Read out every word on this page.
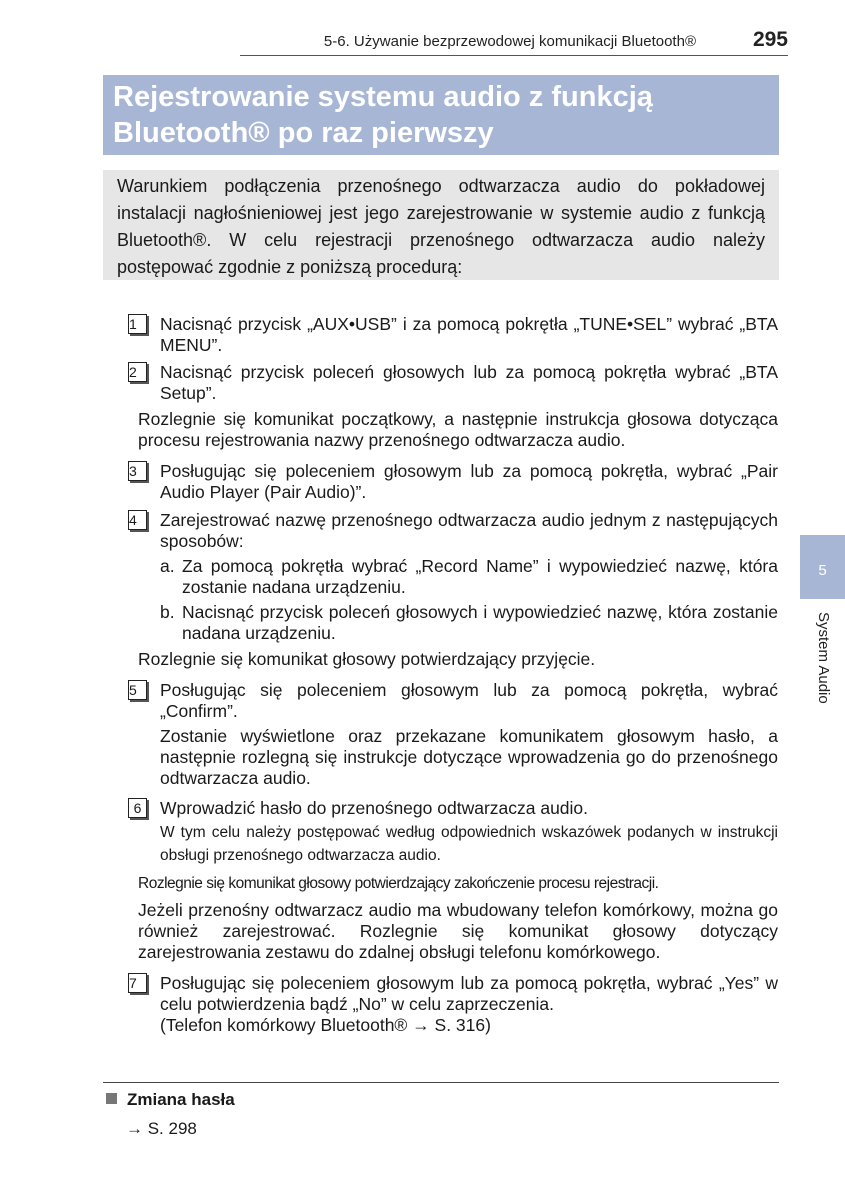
5-6. Używanie bezprzewodowej komunikacji Bluetooth®	295
Rejestrowanie systemu audio z funkcją
Bluetooth® po raz pierwszy
Warunkiem podłączenia przenośnego odtwarzacza audio do pokładowej instalacji nagłośnieniowej jest jego zarejestrowanie w systemie audio z funkcją Bluetooth®. W celu rejestracji przenośnego odtwarzacza audio należy postępować zgodnie z poniższą procedurą:
1	Nacisnąć przycisk „AUX•USB” i za pomocą pokrętła „TUNE•SEL” wybrać „BTA MENU”.
2	Nacisnąć przycisk poleceń głosowych lub za pomocą pokrętła wybrać „BTA Setup”.
Rozlegnie się komunikat początkowy, a następnie instrukcja głosowa dotycząca procesu rejestrowania nazwy przenośnego odtwarzacza audio.
3	Posługując się poleceniem głosowym lub za pomocą pokrętła, wybrać „Pair Audio Player (Pair Audio)”.
4	Zarejestrować nazwę przenośnego odtwarzacza audio jednym z następujących sposobów:
a. Za pomocą pokrętła wybrać „Record Name” i wypowiedzieć nazwę, która zostanie nadana urządzeniu.
b. Nacisnąć przycisk poleceń głosowych i wypowiedzieć nazwę, która zostanie nadana urządzeniu.
Rozlegnie się komunikat głosowy potwierdzający przyjęcie.
5	Posługując się poleceniem głosowym lub za pomocą pokrętła, wybrać „Confirm”.
Zostanie wyświetlone oraz przekazane komunikatem głosowym hasło, a następnie rozlegną się instrukcje dotyczące wprowadzenia go do przenośnego odtwarzacza audio.
6	Wprowadzić hasło do przenośnego odtwarzacza audio.
W tym celu należy postępować według odpowiednich wskazówek podanych w instrukcji obsługi przenośnego odtwarzacza audio.
Rozlegnie się komunikat głosowy potwierdzający zakończenie procesu rejestracji.
Jeżeli przenośny odtwarzacz audio ma wbudowany telefon komórkowy, można go również zarejestrować. Rozlegnie się komunikat głosowy dotyczący zarejestrowania zestawu do zdalnej obsługi telefonu komórkowego.
7	Posługując się poleceniem głosowym lub za pomocą pokrętła, wybrać „Yes” w celu potwierdzenia bądź „No” w celu zaprzeczenia.
(Telefon komórkowy Bluetooth® → S. 316)
Zmiana hasła
→ S. 298
5
System Audio
